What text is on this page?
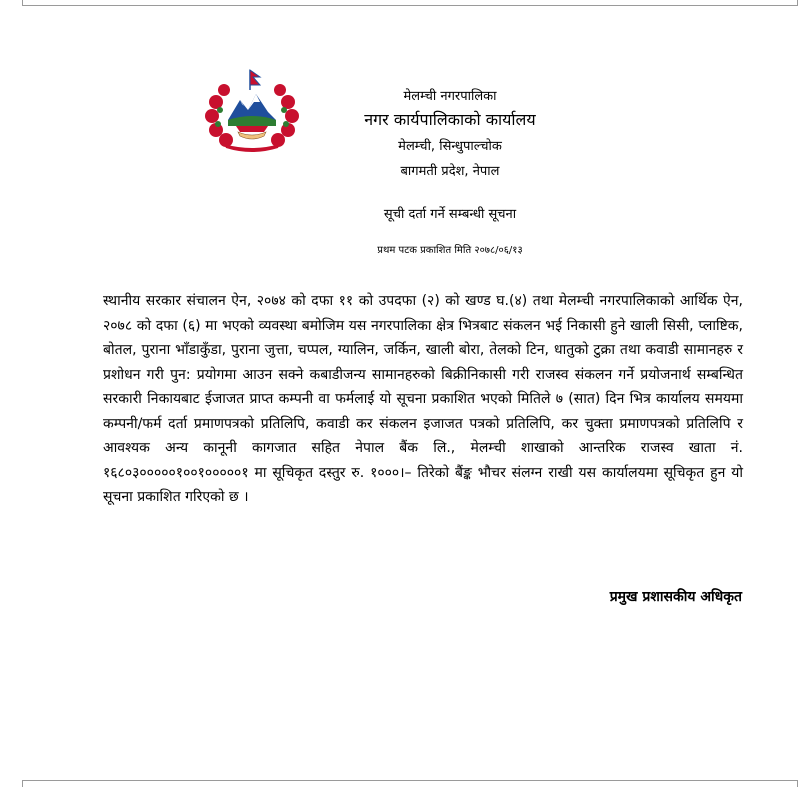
मेलम्ची नगरपालिका
नगर कार्यपालिकाको कार्यालय
मेलम्ची, सिन्धुपाल्चोक
बागमती प्रदेश, नेपाल
सूची दर्ता गर्ने सम्बन्धी सूचना
प्रथम पटक प्रकाशित मिति २०७८/०६/१३

स्थानीय सरकार संचालन ऐन, २०७४ को दफा ११ को उपदफा (२) को खण्ड घ.(४) तथा मेलम्ची नगरपालिकाको आर्थिक ऐन, २०७८ को दफा (६) मा भएको व्यवस्था बमोजिम यस नगरपालिका क्षेत्र भित्रबाट संकलन भई निकासी हुने खाली सिसी, प्लाष्टिक, बोतल, पुराना भाँडाकुँडा, पुराना जुत्ता, चप्पल, ग्यालिन, जर्किन, खाली बोरा, तेलको टिन, धातुको टुक्रा तथा कवाडी सामानहरु र प्रशोधन गरी पुन: प्रयोगमा आउन सक्ने कबाडीजन्य सामानहरुको बिक्रीनिकासी गरी राजस्व संकलन गर्ने प्रयोजनार्थ सम्बन्धित सरकारी निकायबाट ईजाजत प्राप्त कम्पनी वा फर्मलाई यो सूचना प्रकाशित भएको मितिले ७ (सात) दिन भित्र कार्यालय समयमा कम्पनी/फर्म दर्ता प्रमाणपत्रको प्रतिलिपि, कवाडी कर संकलन इजाजत पत्रको प्रतिलिपि, कर चुक्ता प्रमाणपत्रको प्रतिलिपि र आवश्यक अन्य कानूनी कागजात सहित नेपाल बैंक लि., मेलम्ची शाखाको आन्तरिक राजस्व खाता नं. १६८०३०००००१००१०००००१ मा सूचिकृत दस्तुर रु. १०००।– तिरेको बैंङ्क भौचर संलग्न राखी यस कार्यालयमा सूचिकृत हुन यो सूचना प्रकाशित गरिएको छ ।

प्रमुख प्रशासकीय अधिकृत
